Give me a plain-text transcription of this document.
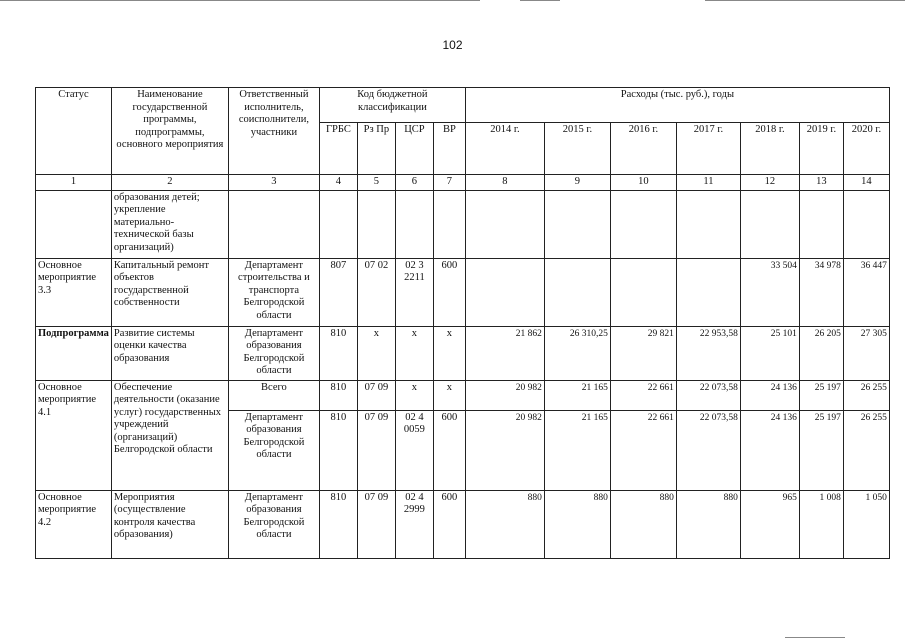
102
Статус	Наименование государственной программы, подпрограммы, основного мероприятия	Ответственный исполнитель, соисполнители, участники	Код бюджетной классификации				Расходы (тыс. руб.), годы						
			ГРБС	Рз Пр	ЦСР	ВР	2014 г.	2015 г.	2016 г.	2017 г.	2018 г.	2019 г.	2020 г.
1	2	3	4	5	6	7	8	9	10	11	12	13	14
	образования детей; укрепление материально-технической базы организаций)												
Основное мероприятие 3.3	Капитальный ремонт объектов государственной собственности	Департамент строительства и транспорта Белгородской области	807	07 02	02 3 2211	600					33 504	34 978	36 447
Подпрограмма	Развитие системы оценки качества образования	Департамент образования Белгородской области	810	x	x	x	21 862	26 310,25	29 821	22 953,58	25 101	26 205	27 305
Основное мероприятие 4.1	Обеспечение деятельности (оказание услуг) государственных учреждений (организаций) Белгородской области	Всего	810	07 09	x	x	20 982	21 165	22 661	22 073,58	24 136	25 197	26 255
		Департамент образования Белгородской области	810	07 09	02 4 0059	600	20 982	21 165	22 661	22 073,58	24 136	25 197	26 255
Основное мероприятие 4.2	Мероприятия (осуществление контроля качества образования)	Департамент образования Белгородской области	810	07 09	02 4 2999	600	880	880	880	880	965	1 008	1 050
